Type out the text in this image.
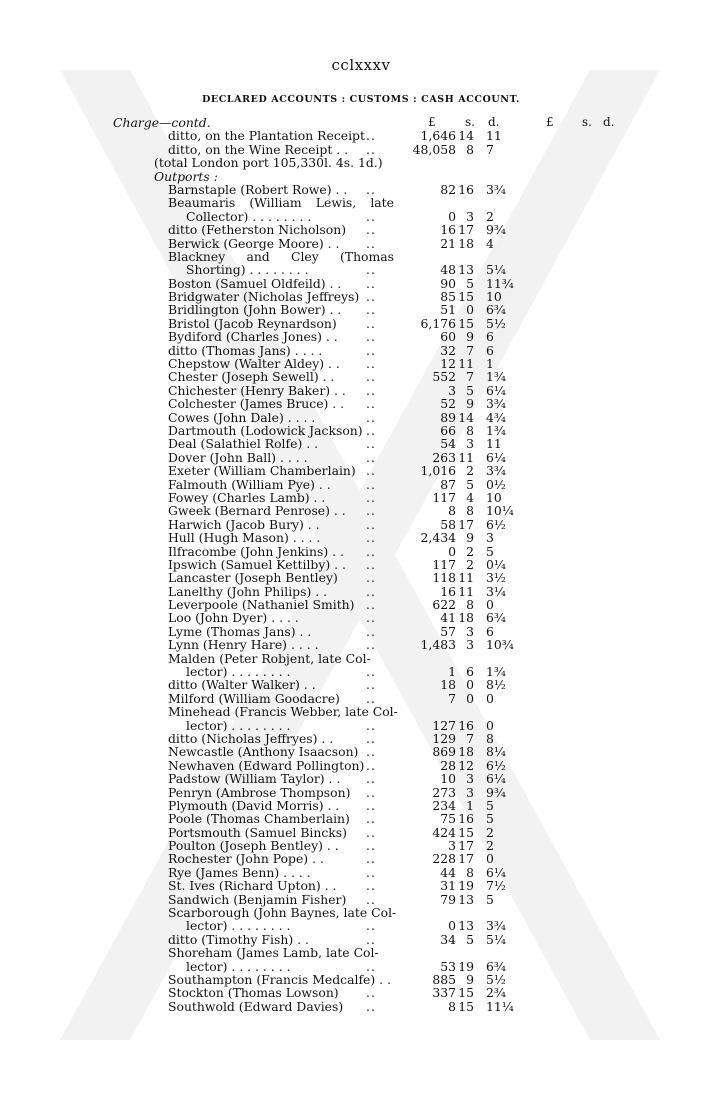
cclxxxv
DECLARED ACCOUNTS : CUSTOMS : CASH ACCOUNT.
Charge—contd.	£ s. d.	£ s. d.
ditto, on the Plantation Receipt ..	1,646 14 11
ditto, on the Wine Receipt . . ..	48,058 8 7
(total London port 105,330l. 4s. 1d.)
Outports :
Barnstaple (Robert Rowe) . . ..	82 16 3¾
Beaumaris (William Lewis, late
Collector) . . . . . . . .	..	0 3 2
ditto (Fetherston Nicholson) ..	16 17 9¾
Berwick (George Moore) . . ..	21 18 4
Blackney and Cley (Thomas
Shorting) . . . . . . . .	..	48 13 5¼
Boston (Samuel Oldfeild) . . ..	90 5 11¾
Bridgwater (Nicholas Jeffreys) ..	85 15 10
Bridlington (John Bower) . . ..	51 0 6¾
Bristol (Jacob Reynardson) ..	6,176 15 5½
Bydiford (Charles Jones) . . ..	60 9 6
ditto (Thomas Jans) . . . .	..	32 7 6
Chepstow (Walter Aldey) . . ..	12 11 1
Chester (Joseph Sewell) . .	..	552 7 1¾
Chichester (Henry Baker) . . ..	3 5 6¼
Colchester (James Bruce) . . ..	52 9 3¾
Cowes (John Dale) . . . .	..	89 14 4¾
Dartmouth (Lodowick Jackson) ..	66 8 1¾
Deal (Salathiel Rolfe) . .	..	54 3 11
Dover (John Ball) . . . .	..	263 11 6¼
Exeter (William Chamberlain) ..	1,016 2 3¾
Falmouth (William Pye) . .	..	87 5 0½
Fowey (Charles Lamb) . .	..	117 4 10
Gweek (Bernard Penrose) . . ..	8 8 10¼
Harwich (Jacob Bury) . .	..	58 17 6½
Hull (Hugh Mason) . . . .	..	2,434 9 3
Ilfracombe (John Jenkins) . . ..	0 2 5
Ipswich (Samuel Kettilby) . . ..	117 2 0¼
Lancaster (Joseph Bentley) ..	118 11 3½
Lanelthy (John Philips) . .	..	16 11 3¼
Leverpoole (Nathaniel Smith) ..	622 8 0
Loo (John Dyer) . . . .	..	41 18 6¾
Lyme (Thomas Jans) . .	..	57 3 6
Lynn (Henry Hare) . . . .	..	1,483 3 10¾
Malden (Peter Robjent, late Col-
lector) . . . . . . . .	..	1 6 1¾
ditto (Walter Walker) . .	..	18 0 8½
Milford (William Goodacre) ..	7 0 0
Minehead (Francis Webber, late Col-
lector) . . . . . . . .	..	127 16 0
ditto (Nicholas Jeffryes) . .	..	129 7 8
Newcastle (Anthony Isaacson) ..	869 18 8¼
Newhaven (Edward Pollington) ..	28 12 6½
Padstow (William Taylor) . . ..	10 3 6¼
Penryn (Ambrose Thompson) ..	273 3 9¾
Plymouth (David Morris) . . ..	234 1 5
Poole (Thomas Chamberlain) ..	75 16 5
Portsmouth (Samuel Bincks) ..	424 15 2
Poulton (Joseph Bentley) . . ..	3 17 2
Rochester (John Pope) . .	..	228 17 0
Rye (James Benn) . . . .	..	44 8 6¼
St. Ives (Richard Upton) . . ..	31 19 7½
Sandwich (Benjamin Fisher) ..	79 13 5
Scarborough (John Baynes, late Col-
lector) . . . . . . . .	..	0 13 3¾
ditto (Timothy Fish) . .	..	34 5 5¼
Shoreham (James Lamb, late Col-
lector) . . . . . . . .	..	53 19 6¾
Southampton (Francis Medcalfe) . .	885 9 5½
Stockton (Thomas Lowson) ..	337 15 2¾
Southwold (Edward Davies) ..	8 15 11¼
